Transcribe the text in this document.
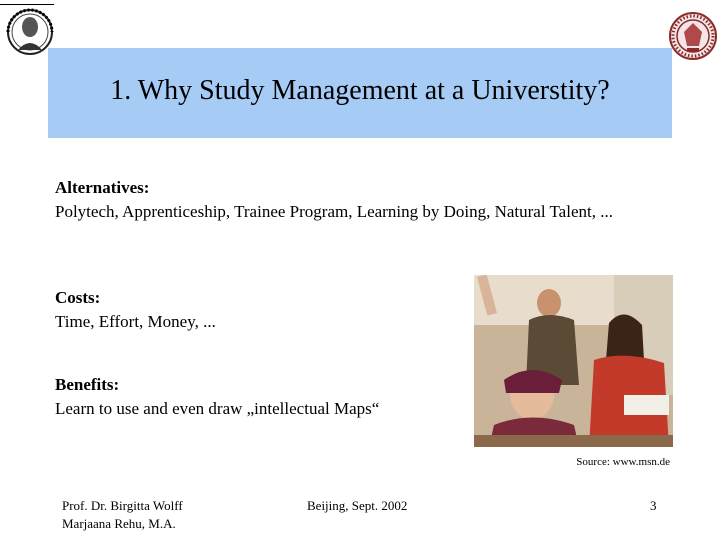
1. Why Study Management at a Universtity?
Alternatives:
Polytech, Apprenticeship, Trainee Program, Learning by Doing, Natural Talent, ...
Costs:
Time, Effort, Money, ...
Benefits:
Learn to use and even draw „intellectual Maps“
Source: www.msn.de
Prof. Dr. Birgitta Wolff
Marjaana Rehu, M.A.
Beijing, Sept. 2002	3
